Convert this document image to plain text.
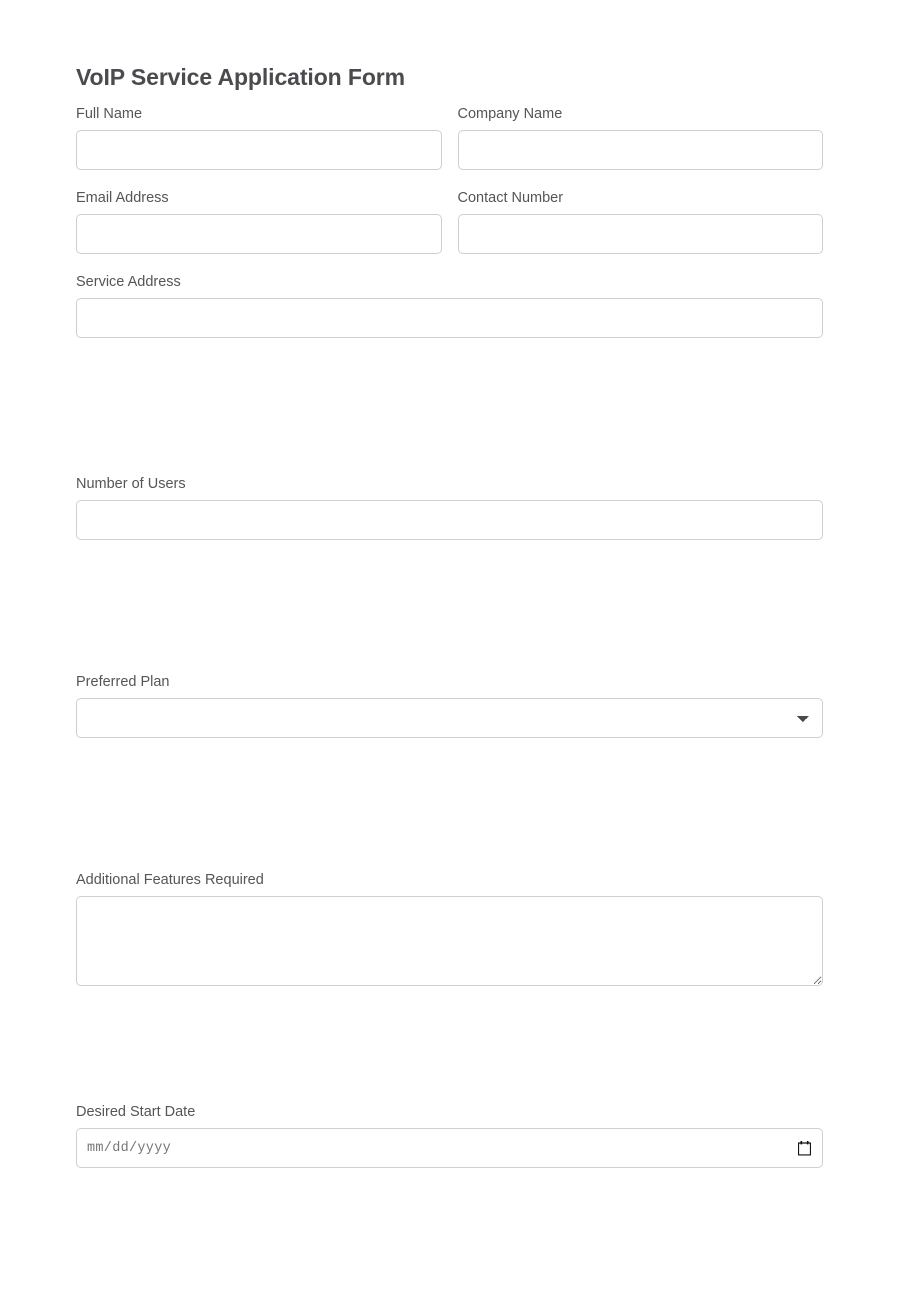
VoIP Service Application Form
Full Name	Company Name
Email Address	Contact Number
Service Address
Number of Users
Preferred Plan
Additional Features Required
Desired Start Date
mm/dd/yyyy
